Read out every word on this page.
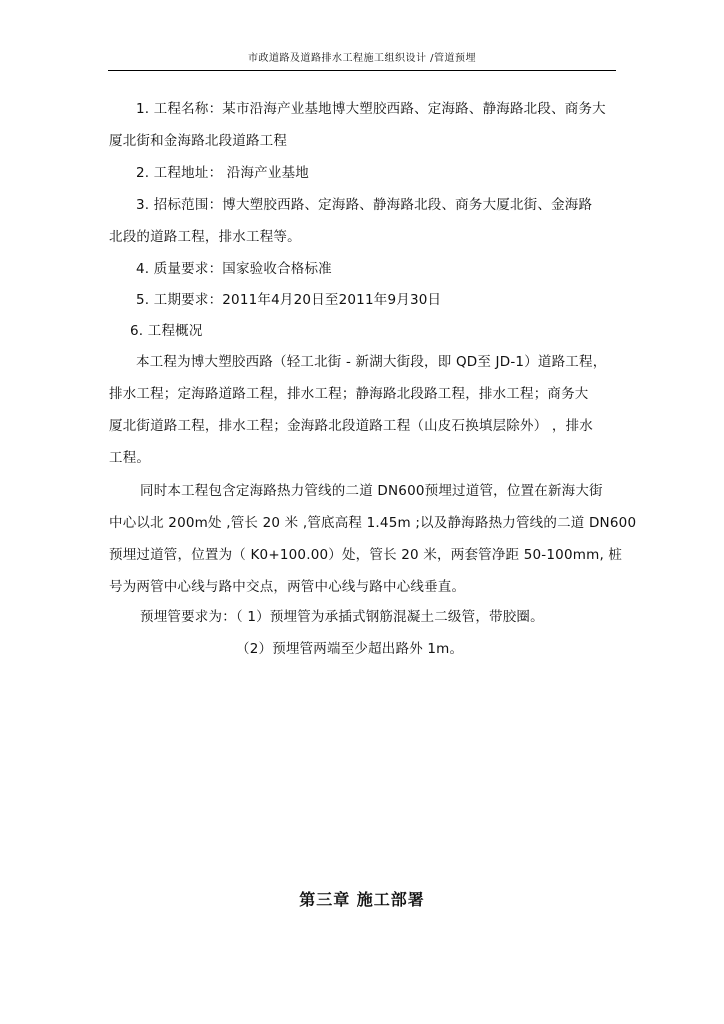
市政道路及道路排水工程施工组织设计 /管道预埋
1. 工程名称：某市沿海产业基地博大塑胶西路、定海路、静海路北段、商务大
厦北街和金海路北段道路工程
2. 工程地址： 沿海产业基地
3. 招标范围：博大塑胶西路、定海路、静海路北段、商务大厦北街、金海路
北段的道路工程，排水工程等。
4. 质量要求：国家验收合格标准
5. 工期要求：2011年4月20日至2011年9月30日
6. 工程概况
本工程为博大塑胶西路（轻工北街 - 新湖大街段，即 QD至 JD-1）道路工程，
排水工程；定海路道路工程，排水工程；静海路北段路工程，排水工程；商务大
厦北街道路工程，排水工程；金海路北段道路工程（山皮石换填层除外） ，排水
工程。
同时本工程包含定海路热力管线的二道 DN600预埋过道管，位置在新海大街
中心以北 200m处 ,管长 20 米 ,管底高程 1.45m ;以及静海路热力管线的二道 DN600
预埋过道管，位置为（ K0+100.00）处，管长 20 米，两套管净距 50-100mm, 桩
号为两管中心线与路中交点，两管中心线与路中心线垂直。
预埋管要求为：（ 1）预埋管为承插式钢筋混凝土二级管，带胶圈。
（2）预埋管两端至少超出路外 1m。
第三章 施工部署
